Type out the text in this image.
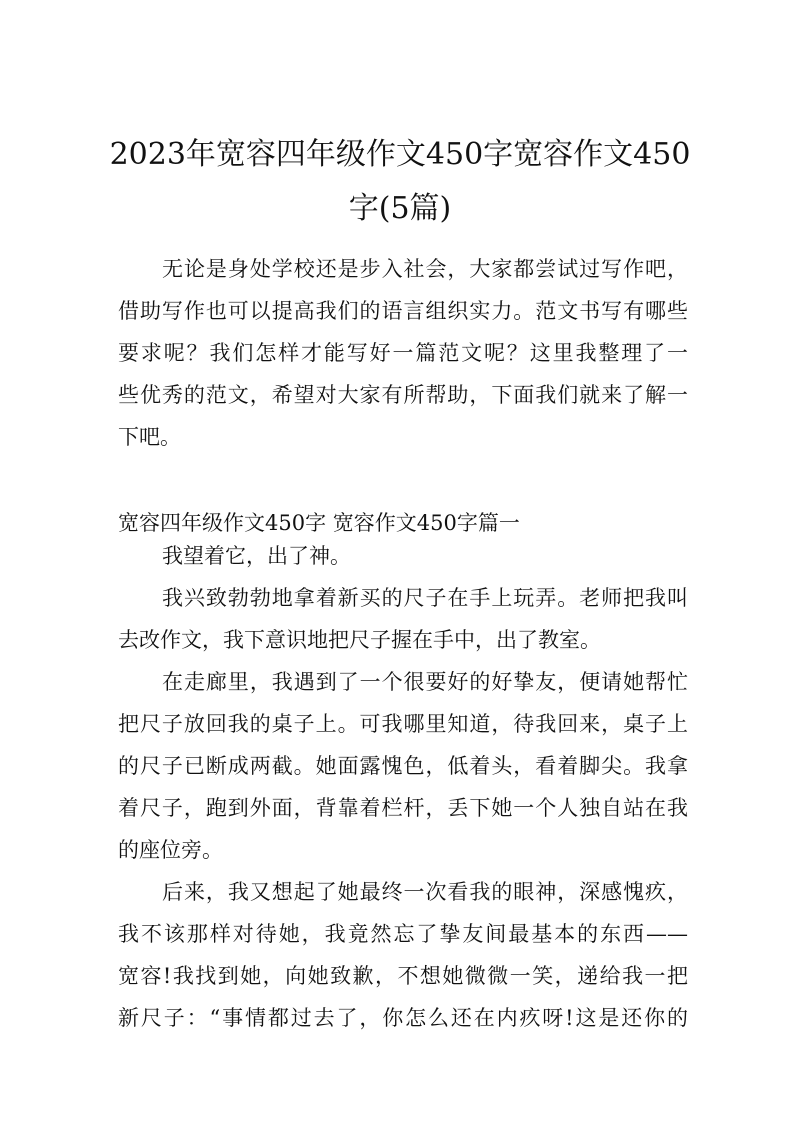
2023年宽容四年级作文450字宽容作文450
字(5篇)

无论是身处学校还是步入社会，大家都尝试过写作吧，
借助写作也可以提高我们的语言组织实力。范文书写有哪些
要求呢？我们怎样才能写好一篇范文呢？这里我整理了一
些优秀的范文，希望对大家有所帮助，下面我们就来了解一
下吧。

宽容四年级作文450字 宽容作文450字篇一

我望着它，出了神。

我兴致勃勃地拿着新买的尺子在手上玩弄。老师把我叫
去改作文，我下意识地把尺子握在手中，出了教室。

在走廊里，我遇到了一个很要好的好挚友，便请她帮忙
把尺子放回我的桌子上。可我哪里知道，待我回来，桌子上
的尺子已断成两截。她面露愧色，低着头，看着脚尖。我拿
着尺子，跑到外面，背靠着栏杆，丢下她一个人独自站在我
的座位旁。

后来，我又想起了她最终一次看我的眼神，深感愧疚，
我不该那样对待她，我竟然忘了挚友间最基本的东西——
宽容!我找到她，向她致歉，不想她微微一笑，递给我一把
新尺子：“事情都过去了，你怎么还在内疚呀!这是还你的
